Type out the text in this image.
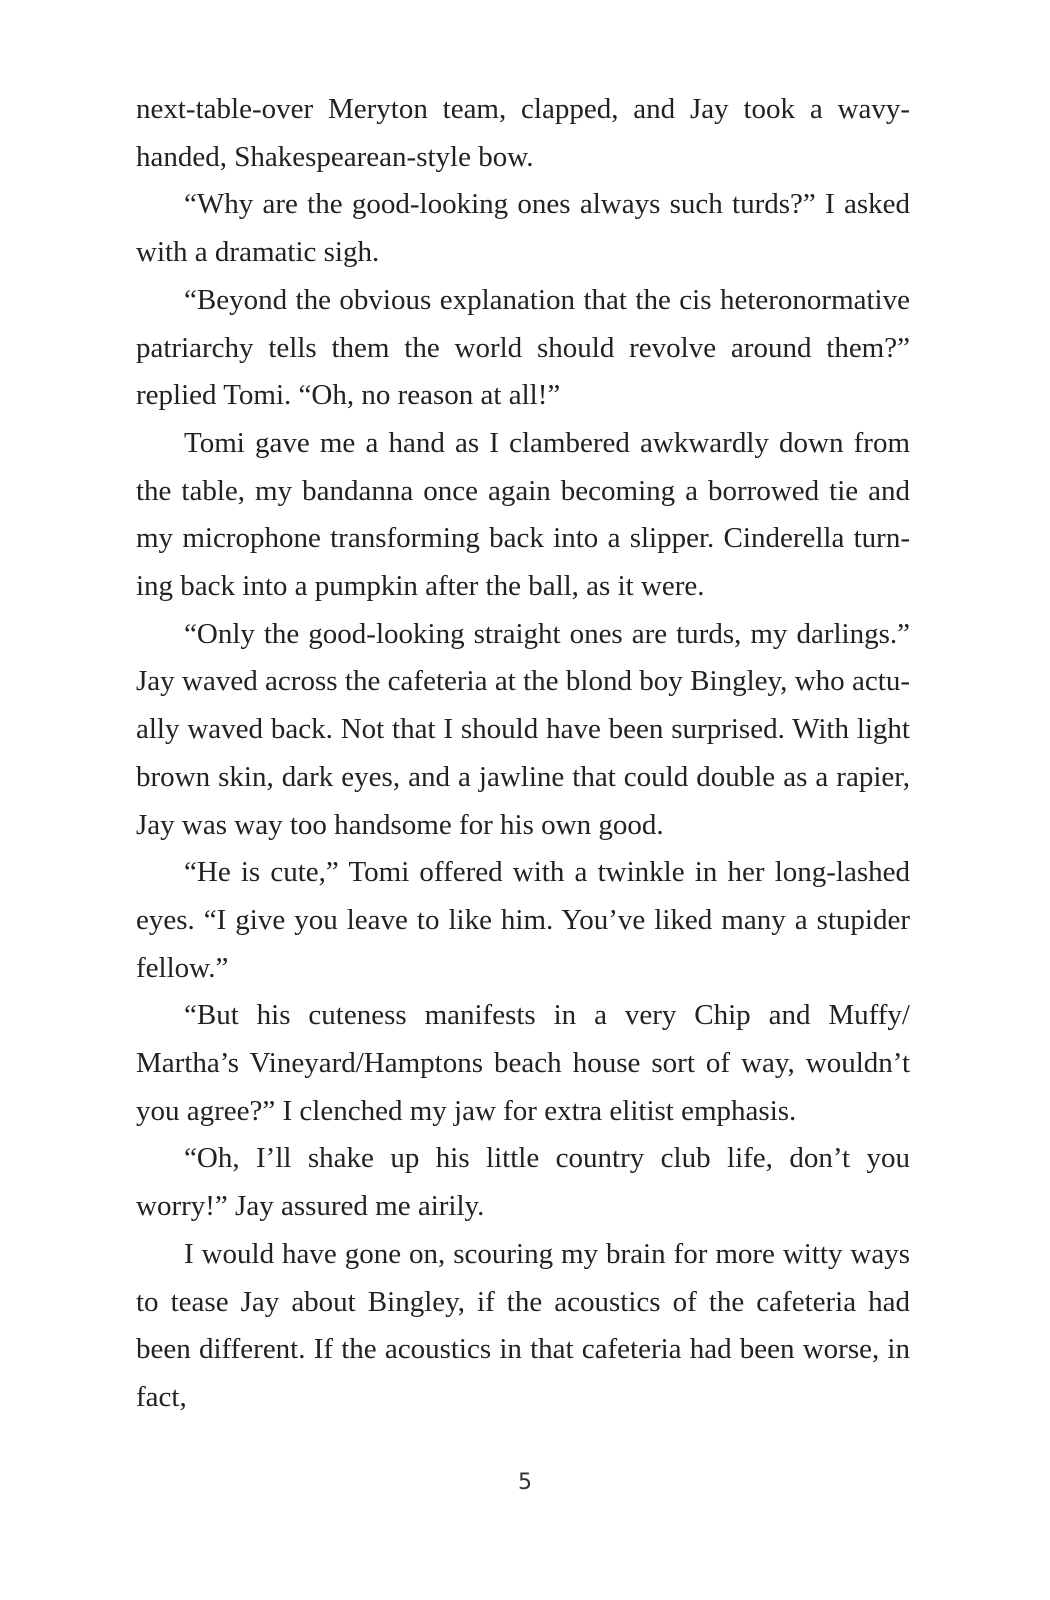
next-table-over Meryton team, clapped, and Jay took a wavy-handed, Shakespearean-style bow.

“Why are the good-looking ones always such turds?” I asked with a dramatic sigh.

“Beyond the obvious explanation that the cis heteronormative patriarchy tells them the world should revolve around them?” replied Tomi. “Oh, no reason at all!”

Tomi gave me a hand as I clambered awkwardly down from the table, my bandanna once again becoming a borrowed tie and my microphone transforming back into a slipper. Cinderella turning back into a pumpkin after the ball, as it were.

“Only the good-looking straight ones are turds, my darlings.” Jay waved across the cafeteria at the blond boy Bingley, who actually waved back. Not that I should have been surprised. With light brown skin, dark eyes, and a jawline that could double as a rapier, Jay was way too handsome for his own good.

“He is cute,” Tomi offered with a twinkle in her long-lashed eyes. “I give you leave to like him. You’ve liked many a stupider fellow.”

“But his cuteness manifests in a very Chip and Muffy/ Martha’s Vineyard/Hamptons beach house sort of way, wouldn’t you agree?” I clenched my jaw for extra elitist emphasis.

“Oh, I’ll shake up his little country club life, don’t you worry!” Jay assured me airily.

I would have gone on, scouring my brain for more witty ways to tease Jay about Bingley, if the acoustics of the cafeteria had been different. If the acoustics in that cafeteria had been worse, in fact,

5
